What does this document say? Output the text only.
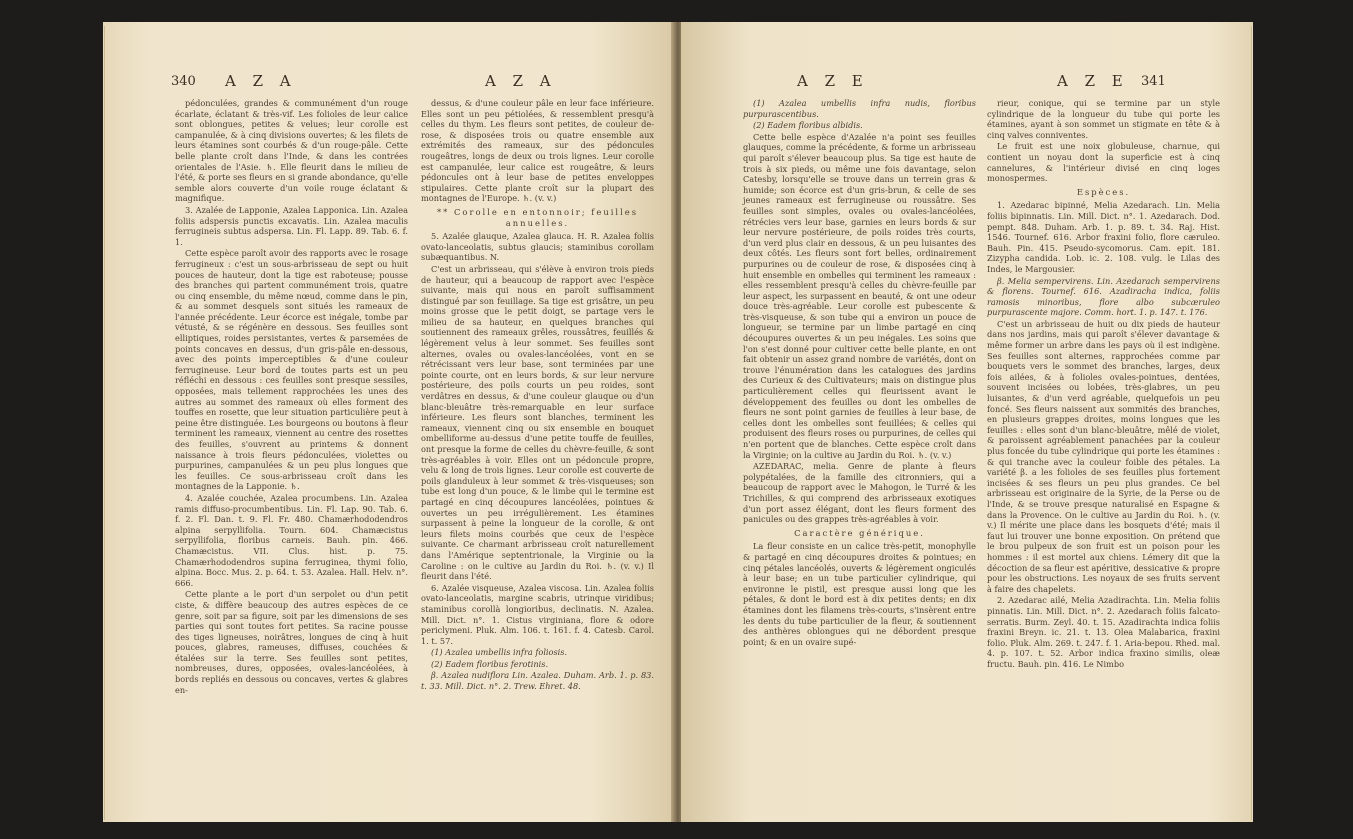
340 A Z A	A Z A

pédonculées, grandes & communément d'un rouge écarlate, éclatant & très-vif. Les folioles de leur calice sont oblongues, petites & velues; leur corolle est campanulée, & à cinq divisions ouvertes; & les filets de leurs étamines sont courbés & d'un rouge-pâle. Cette belle plante croît dans l'Inde, & dans les contrées orientales de l'Asie. ♄. Elle fleurit dans le milieu de l'été, & porte ses fleurs en si grande abondance, qu'elle semble alors couverte d'un voile rouge éclatant & magnifique.

3. Azalée de Lapponie, Azalea Lapponica. Lin. Azalea foliis adspersis punctis excavatis. Lin. Azalea maculis ferrugineis subtus adspersa. Lin. Fl. Lapp. 89. Tab. 6. f. 1.

Cette espèce paroît avoir des rapports avec le rosage ferrugineux : c'est un sous-arbrisseau de sept ou huit pouces de hauteur, dont la tige est raboteuse; pousse des branches qui partent communément trois, quatre ou cinq ensemble, du même nœud, comme dans le pin, & au sommet desquels sont situés les rameaux de l'année précédente. Leur écorce est inégale, tombe par vétusté, & se régénère en dessous. Ses feuilles sont elliptiques, roides persistantes, vertes & parsemées de points concaves en dessus, d'un gris-pâle en-dessous, avec des points imperceptibles & d'une couleur ferrugineuse. Leur bord de toutes parts est un peu réfléchi en dessous : ces feuilles sont presque sessiles, opposées, mais tellement rapprochées les unes des autres au sommet des rameaux où elles forment des touffes en rosette, que leur situation particulière peut à peine être distinguée. Les bourgeons ou boutons à fleur terminent les rameaux, viennent au centre des rosettes des feuilles, s'ouvrent au printems & donnent naissance à trois fleurs pédonculées, violettes ou purpurines, campanulées & un peu plus longues que les feuilles. Ce sous-arbrisseau croît dans les montagnes de la Lapponie. ♄.

4. Azalée couchée, Azalea procumbens. Lin. Azalea ramis diffuso-procumbentibus. Lin. Fl. Lap. 90. Tab. 6. f. 2. Fl. Dan. t. 9. Fl. Fr. 480. Chamærhododendros alpina serpyllifolia. Tourn. 604. Chamæcistus serpyllifolia, floribus carneis. Bauh. pin. 466. Chamæcistus. VII. Clus. hist. p. 75. Chamærhododendros supina ferruginea, thymi folio, alpina. Bocc. Mus. 2. p. 64. t. 53. Azalea. Hall. Helv. n°. 666.

Cette plante a le port d'un serpolet ou d'un petit ciste, & diffère beaucoup des autres espèces de ce genre, soit par sa figure, soit par les dimensions de ses parties qui sont toutes fort petites. Sa racine pousse des tiges ligneuses, noirâtres, longues de cinq à huit pouces, glabres, rameuses, diffuses, couchées & étalées sur la terre. Ses feuilles sont petites, nombreuses, dures, opposées, ovales-lancéolées, à bords repliés en dessous ou concaves, vertes & glabres en-

dessus, & d'une couleur pâle en leur face inférieure. Elles sont un peu pétiolées, & ressemblent presqu'à celles du thym. Les fleurs sont petites, de couleur de-rose, & disposées trois ou quatre ensemble aux extrémités des rameaux, sur des pédoncules rougeâtres, longs de deux ou trois lignes. Leur corolle est campanulée, leur calice est rougeâtre, & leurs pédoncules ont à leur base de petites enveloppes stipulaires. Cette plante croît sur la plupart des montagnes de l'Europe. ♄. (v. v.)

** Corolle en entonnoir; feuilles annuelles.

5. Azalée glauque, Azalea glauca. H. R. Azalea foliis ovato-lanceolatis, subtus glaucis; staminibus corollam subæquantibus. N.

C'est un arbrisseau, qui s'élève à environ trois pieds de hauteur, qui a beaucoup de rapport avec l'espèce suivante, mais qui nous en paroît suffisamment distingué par son feuillage. Sa tige est grisâtre, un peu moins grosse que le petit doigt, se partage vers le milieu de sa hauteur, en quelques branches qui soutiennent des rameaux grêles, roussâtres, feuillés & légèrement velus à leur sommet. Ses feuilles sont alternes, ovales ou ovales-lancéolées, vont en se rétrécissant vers leur base, sont terminées par une pointe courte, ont en leurs bords, & sur leur nervure postérieure, des poils courts un peu roides, sont verdâtres en dessus, & d'une couleur glauque ou d'un blanc-bleuâtre très-remarquable en leur surface inférieure. Les fleurs sont blanches, terminent les rameaux, viennent cinq ou six ensemble en bouquet ombelliforme au-dessus d'une petite touffe de feuilles, ont presque la forme de celles du chèvre-feuille, & sont très-agréables à voir. Elles ont un pédoncule propre, velu & long de trois lignes. Leur corolle est couverte de poils glanduleux à leur sommet & très-visqueuses; son tube est long d'un pouce, & le limbe qui le termine est partagé en cinq découpures lancéolées, pointues & ouvertes un peu irrégulièrement. Les étamines surpassent à peine la longueur de la corolle, & ont leurs filets moins courbés que ceux de l'espèce suivante. Ce charmant arbrisseau croît naturellement dans l'Amérique septentrionale, la Virginie ou la Caroline : on le cultive au Jardin du Roi. ♄. (v. v.) Il fleurit dans l'été.

6. Azalée visqueuse, Azalea viscosa. Lin. Azalea foliis ovato-lanceolatis, margine scabris, utrinque viridibus; staminibus corollà longioribus, declinatis. N. Azalea. Mill. Dict. n°. 1. Cistus virginiana, flore & odore periclymeni. Pluk. Alm. 106. t. 161. f. 4. Catesb. Carol. 1. t. 57.

(1) Azalea umbellis infra foliosis.

(2) Eadem floribus ferotinis.

β. Azalea nudiflora Lin. Azalea. Duham. Arb. 1. p. 83. t. 33. Mill. Dict. n°. 2. Trew. Ehret. 48.

A Z E	A Z E 341

(1) Azalea umbellis infra nudis, floribus purpurascentibus.

(2) Eadem floribus albidis.

Cette belle espèce d'Azalée n'a point ses feuilles glauques, comme la précédente, & forme un arbrisseau qui paroît s'élever beaucoup plus. Sa tige est haute de trois à six pieds, ou même une fois davantage, selon Catesby, lorsqu'elle se trouve dans un terrein gras & humide; son écorce est d'un gris-brun, & celle de ses jeunes rameaux est ferrugineuse ou roussâtre. Ses feuilles sont simples, ovales ou ovales-lancéolées, rétrécies vers leur base, garnies en leurs bords & sur leur nervure postérieure, de poils roides très courts, d'un verd plus clair en dessous, & un peu luisantes des deux côtés. Les fleurs sont fort belles, ordinairement purpurines ou de couleur de rose, & disposées cinq à huit ensemble en ombelles qui terminent les rameaux : elles ressemblent presqu'à celles du chèvre-feuille par leur aspect, les surpassent en beauté, & ont une odeur douce très-agréable. Leur corolle est pubescente & très-visqueuse, & son tube qui a environ un pouce de longueur, se termine par un limbe partagé en cinq découpures ouvertes & un peu inégales. Les soins que l'on s'est donné pour cultiver cette belle plante, en ont fait obtenir un assez grand nombre de variétés, dont on trouve l'énumération dans les catalogues des jardins des Curieux & des Cultivateurs; mais on distingue plus particulièrement celles qui fleurissent avant le développement des feuilles ou dont les ombelles de fleurs ne sont point garnies de feuilles à leur base, de celles dont les ombelles sont feuillées; & celles qui produisent des fleurs roses ou purpurines, de celles qui n'en portent que de blanches. Cette espèce croît dans la Virginie; on la cultive au Jardin du Roi. ♄. (v. v.)

AZEDARAC, melia. Genre de plante à fleurs polypétalées, de la famille des citronniers, qui a beaucoup de rapport avec le Mahogon, le Turré & les Trichilles, & qui comprend des arbrisseaux exotiques d'un port assez élégant, dont les fleurs forment des panicules ou des grappes très-agréables à voir.

Caractère générique.

La fleur consiste en un calice très-petit, monophylle & partagé en cinq découpures droites & pointues; en cinq pétales lancéolés, ouverts & légèrement ongiculés à leur base; en un tube particulier cylindrique, qui environne le pistil, est presque aussi long que les pétales, & dont le bord est à dix petites dents; en dix étamines dont les filamens très-courts, s'insèrent entre les dents du tube particulier de la fleur, & soutiennent des anthères oblongues qui ne débordent presque point; & en un ovaire supé-

rieur, conique, qui se termine par un style cylindrique de la longueur du tube qui porte les étamines, ayant à son sommet un stigmate en tête & à cinq valves conniventes.

Le fruit est une noix globuleuse, charnue, qui contient un noyau dont la superficie est à cinq cannelures, & l'intérieur divisé en cinq loges monospermes.

Espèces.

1. Azedarac bipinné, Melia Azedarach. Lin. Melia foliis bipinnatis. Lin. Mill. Dict. n°. 1. Azedarach. Dod. pempt. 848. Duham. Arb. 1. p. 89. t. 34. Raj. Hist. 1546. Tournef. 616. Arbor fraxini folio, flore cæruleo. Bauh. Pin. 415. Pseudo-sycomorus. Cam. epit. 181. Zizypha candida. Lob. ic. 2. 108. vulg. le Lilas des Indes, le Margousier.

β. Melia sempervirens. Lin. Azedarach sempervirens & florens. Tournef. 616. Azadiracha indica, foliis ramosis minoribus, flore albo subcæruleo purpurascente majore. Comm. hort. 1. p. 147. t. 176.

C'est un arbrisseau de huit ou dix pieds de hauteur dans nos jardins, mais qui paroît s'élever davantage & même former un arbre dans les pays où il est indigène. Ses feuilles sont alternes, rapprochées comme par bouquets vers le sommet des branches, larges, deux fois ailées, & à folioles ovales-pointues, dentées, souvent incisées ou lobées, très-glabres, un peu luisantes, & d'un verd agréable, quelquefois un peu foncé. Ses fleurs naissent aux sommités des branches, en plusieurs grappes droites, moins longues que les feuilles : elles sont d'un blanc-bleuâtre, mêlé de violet, & paroissent agréablement panachées par la couleur plus foncée du tube cylindrique qui porte les étamines : & qui tranche avec la couleur foible des pétales. La variété β. a les folioles de ses feuilles plus fortement incisées & ses fleurs un peu plus grandes. Ce bel arbrisseau est originaire de la Syrie, de la Perse ou de l'Inde, & se trouve presque naturalisé en Espagne & dans la Provence. On le cultive au Jardin du Roi. ♄. (v. v.) Il mérite une place dans les bosquets d'été; mais il faut lui trouver une bonne exposition. On prétend que le brou pulpeux de son fruit est un poison pour les hommes : il est mortel aux chiens. Lémery dit que la décoction de sa fleur est apéritive, dessicative & propre pour les obstructions. Les noyaux de ses fruits servent à faire des chapelets.

2. Azedarac ailé, Melia Azadirachta. Lin. Melia foliis pinnatis. Lin. Mill. Dict. n°. 2. Azedarach foliis falcato-serratis. Burm. Zeyl. 40. t. 15. Azadirachta indica foliis fraxini Breyn. ic. 21. t. 13. Olea Malabarica, fraxini folio. Pluk. Alm. 269. t. 247. f. 1. Aria-bepou. Rhed. mal. 4. p. 107. t. 52. Arbor indica fraxino similis, oleæ fructu. Bauh. pin. 416. Le Nimbo
